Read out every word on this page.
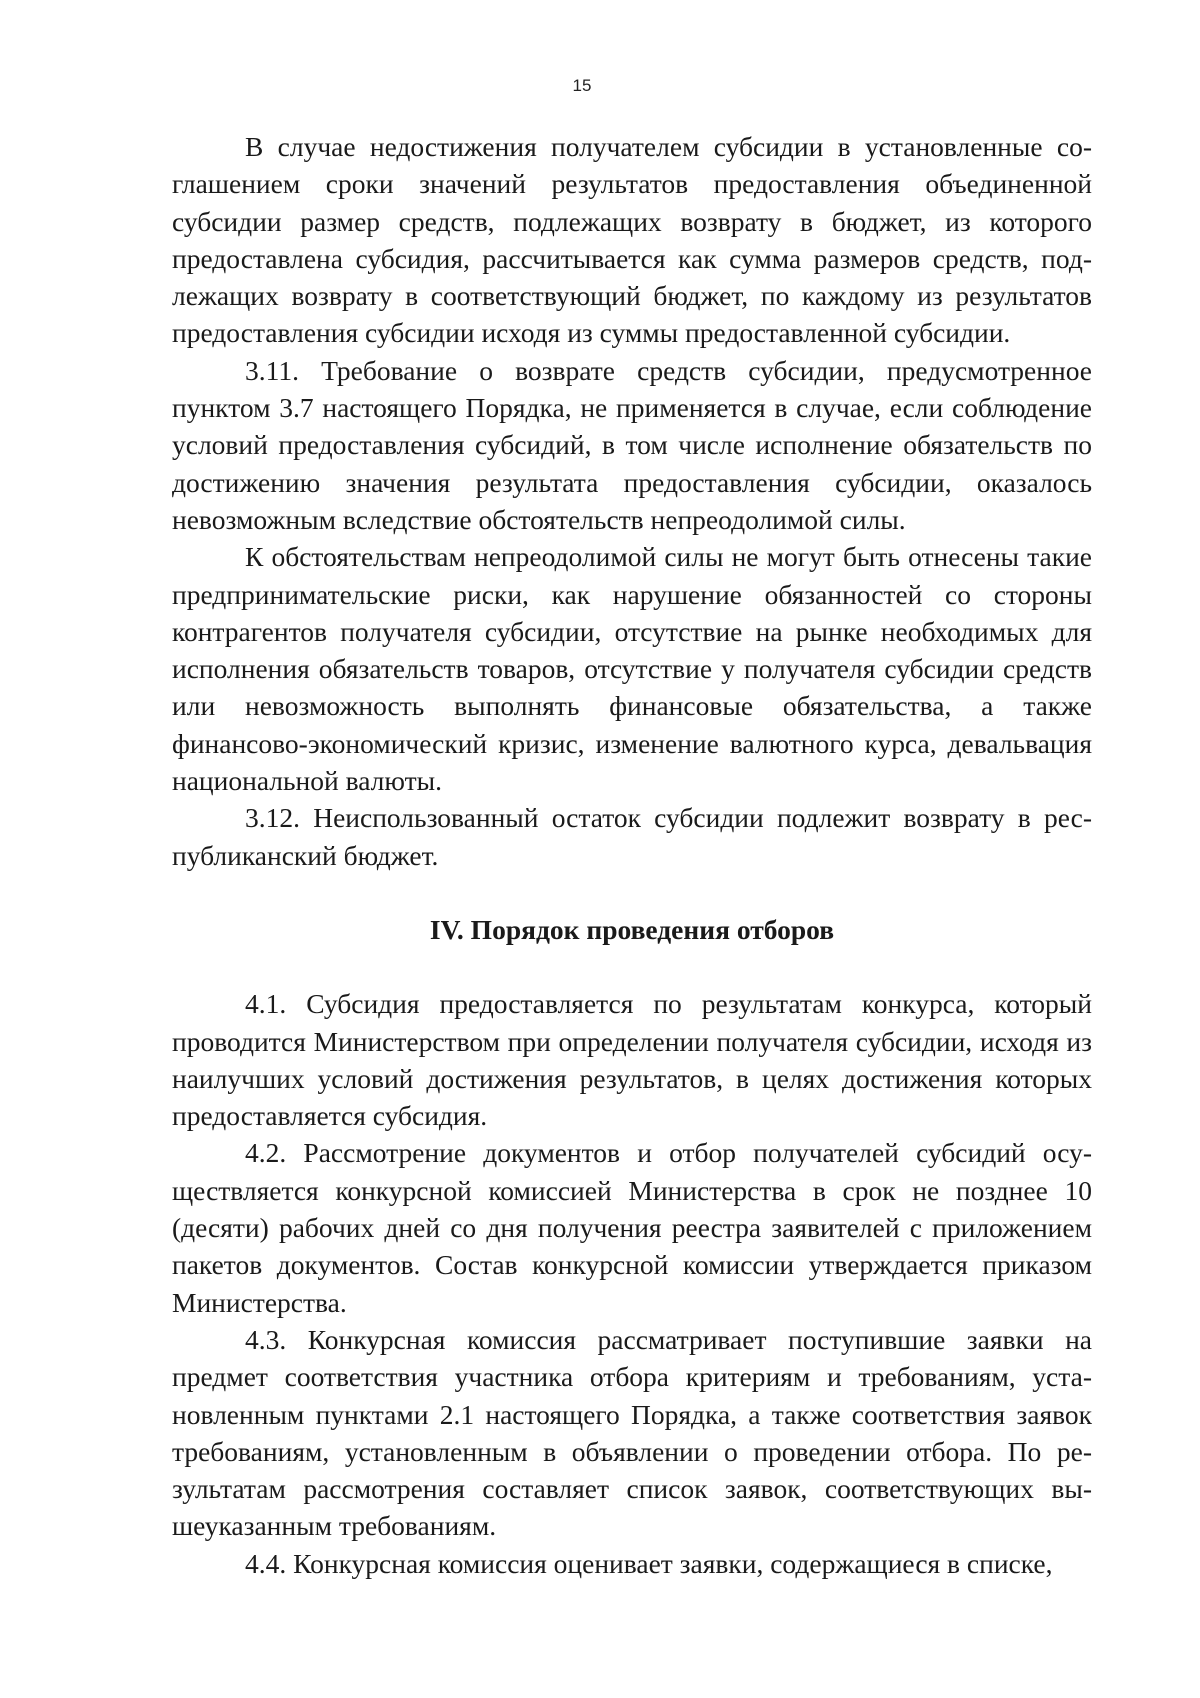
15

В случае недостижения получателем субсидии в установленные соглашением сроки значений результатов предоставления объединенной субсидии размер средств, подлежащих возврату в бюджет, из которого предоставлена субсидия, рассчитывается как сумма размеров средств, подлежащих возврату в соответствующий бюджет, по каждому из результатов предоставления субсидии исходя из суммы предоставленной субсидии.

3.11. Требование о возврате средств субсидии, предусмотренное пунктом 3.7 настоящего Порядка, не применяется в случае, если соблюдение условий предоставления субсидий, в том числе исполнение обязательств по достижению значения результата предоставления субсидии, оказалось невозможным вследствие обстоятельств непреодолимой силы.

К обстоятельствам непреодолимой силы не могут быть отнесены такие предпринимательские риски, как нарушение обязанностей со стороны контрагентов получателя субсидии, отсутствие на рынке необходимых для исполнения обязательств товаров, отсутствие у получателя субсидии средств или невозможность выполнять финансовые обязательства, а также финансово-экономический кризис, изменение валютного курса, девальвация национальной валюты.

3.12. Неиспользованный остаток субсидии подлежит возврату в республиканский бюджет.

IV. Порядок проведения отборов

4.1. Субсидия предоставляется по результатам конкурса, который проводится Министерством при определении получателя субсидии, исходя из наилучших условий достижения результатов, в целях достижения которых предоставляется субсидия.

4.2. Рассмотрение документов и отбор получателей субсидий осуществляется конкурсной комиссией Министерства в срок не позднее 10 (десяти) рабочих дней со дня получения реестра заявителей с приложением пакетов документов. Состав конкурсной комиссии утверждается приказом Министерства.

4.3. Конкурсная комиссия рассматривает поступившие заявки на предмет соответствия участника отбора критериям и требованиям, установленным пунктами 2.1 настоящего Порядка, а также соответствия заявок требованиям, установленным в объявлении о проведении отбора. По результатам рассмотрения составляет список заявок, соответствующих вышеуказанным требованиям.

4.4. Конкурсная комиссия оценивает заявки, содержащиеся в списке,
